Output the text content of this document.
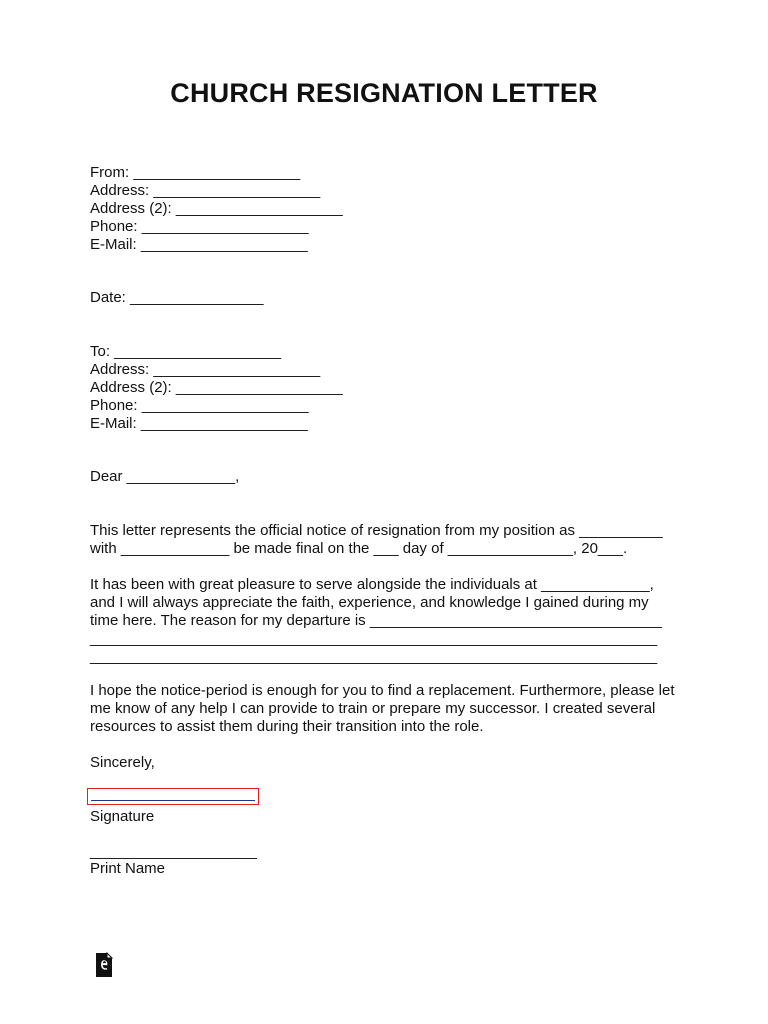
CHURCH RESIGNATION LETTER
From: ____________________
Address: ____________________
Address (2): ____________________
Phone: ____________________
E-Mail: ____________________
Date: ________________
To: ____________________
Address: ____________________
Address (2): ____________________
Phone: ____________________
E-Mail: ____________________
Dear _____________,
This letter represents the official notice of resignation from my position as __________
with _____________ be made final on the ___ day of _______________, 20___.
It has been with great pleasure to serve alongside the individuals at _____________,
and I will always appreciate the faith, experience, and knowledge I gained during my
time here. The reason for my departure is ___________________________________
____________________________________________________________________
____________________________________________________________________
I hope the notice-period is enough for you to find a replacement. Furthermore, please let
me know of any help I can provide to train or prepare my successor. I created several
resources to assist them during their transition into the role.
Sincerely,
Signature
____________________
Print Name
